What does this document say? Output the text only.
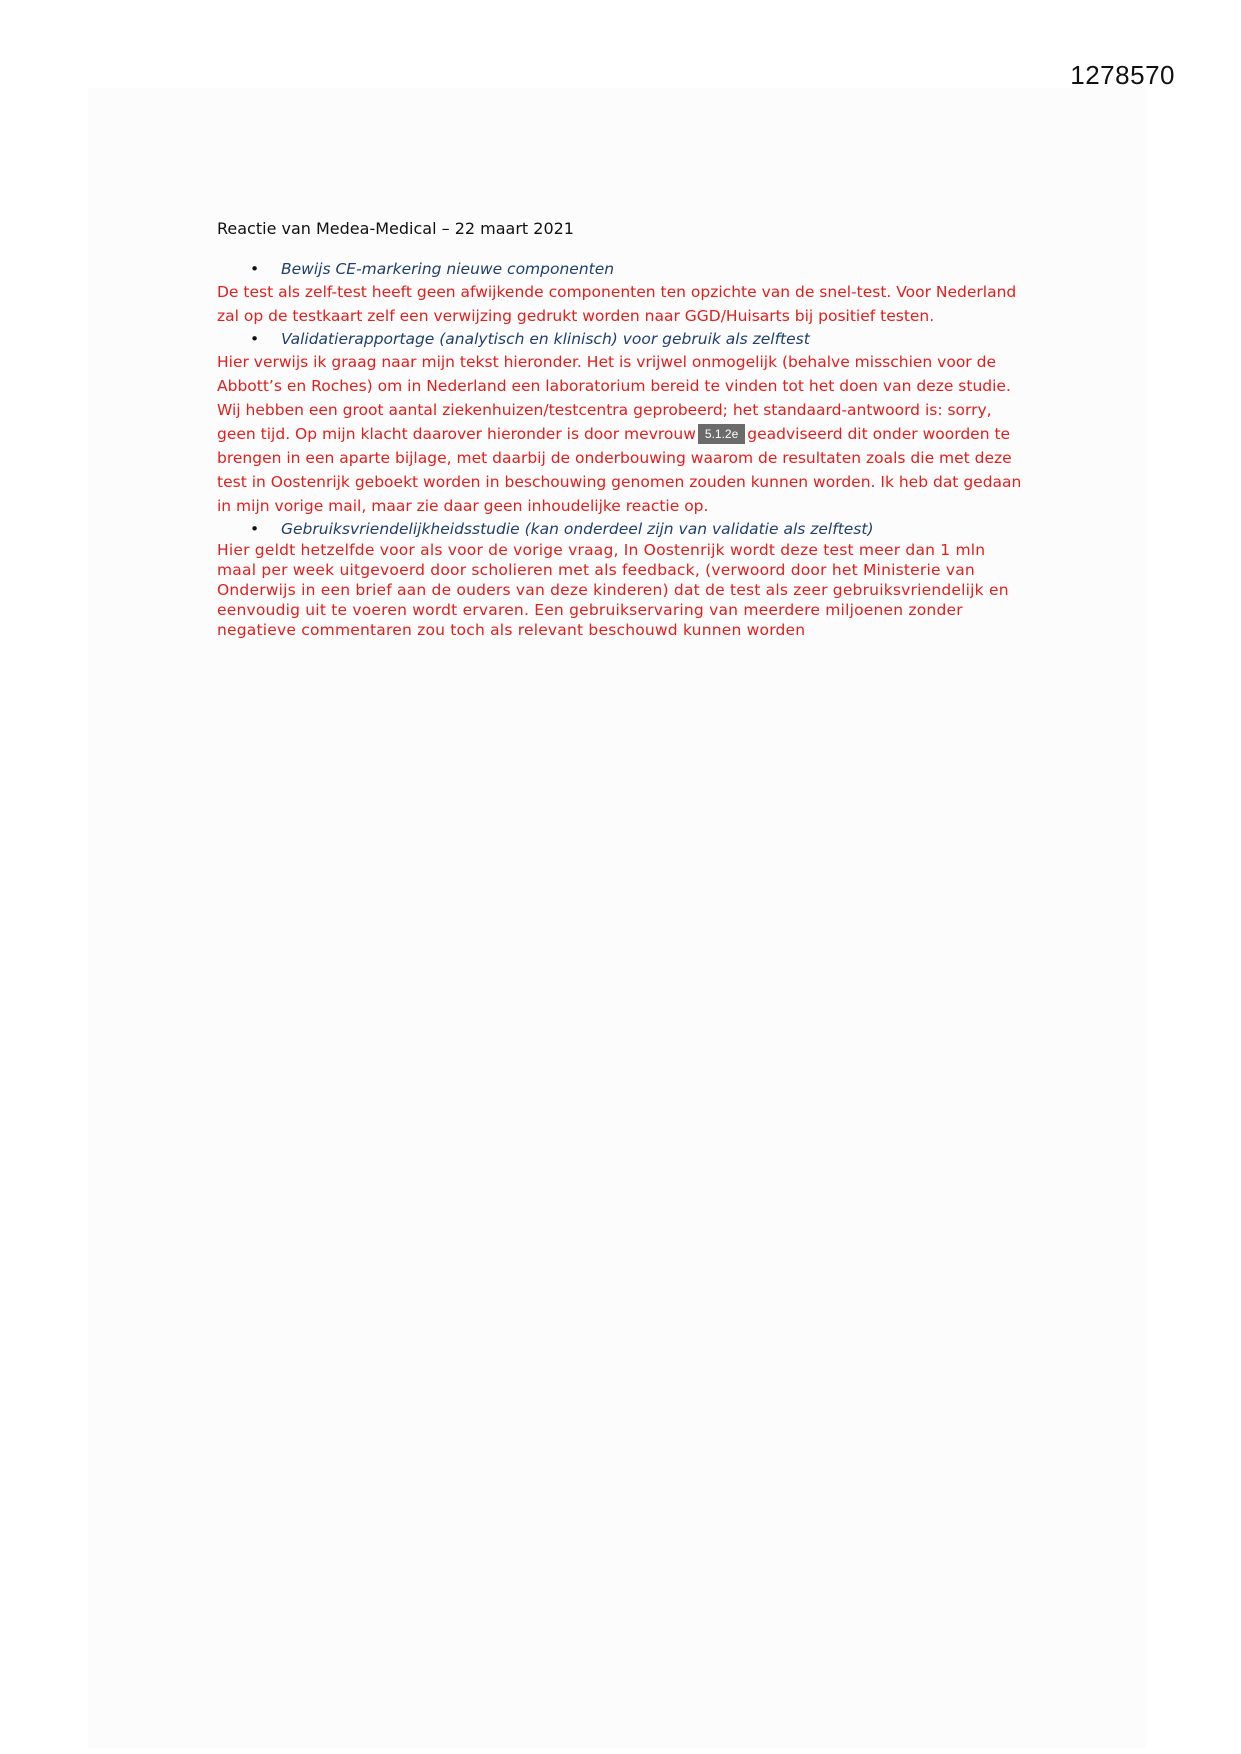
1278570

Reactie van Medea-Medical – 22 maart 2021

• Bewijs CE-markering nieuwe componenten

De test als zelf-test heeft geen afwijkende componenten ten opzichte van de snel-test. Voor Nederland zal op de testkaart zelf een verwijzing gedrukt worden naar GGD/Huisarts bij positief testen.

• Validatierapportage (analytisch en klinisch) voor gebruik als zelftest

Hier verwijs ik graag naar mijn tekst hieronder. Het is vrijwel onmogelijk (behalve misschien voor de Abbott’s en Roches) om in Nederland een laboratorium bereid te vinden tot het doen van deze studie. Wij hebben een groot aantal ziekenhuizen/testcentra geprobeerd; het standaard-antwoord is: sorry, geen tijd. Op mijn klacht daarover hieronder is door mevrouw 5.1.2e geadviseerd dit onder woorden te brengen in een aparte bijlage, met daarbij de onderbouwing waarom de resultaten zoals die met deze test in Oostenrijk geboekt worden in beschouwing genomen zouden kunnen worden. Ik heb dat gedaan in mijn vorige mail, maar zie daar geen inhoudelijke reactie op.

• Gebruiksvriendelijkheidsstudie (kan onderdeel zijn van validatie als zelftest)

Hier geldt hetzelfde voor als voor de vorige vraag, In Oostenrijk wordt deze test meer dan 1 mln maal per week uitgevoerd door scholieren met als feedback, (verwoord door het Ministerie van Onderwijs in een brief aan de ouders van deze kinderen) dat de test als zeer gebruiksvriendelijk en eenvoudig uit te voeren wordt ervaren. Een gebruikservaring van meerdere miljoenen zonder negatieve commentaren zou toch als relevant beschouwd kunnen worden
